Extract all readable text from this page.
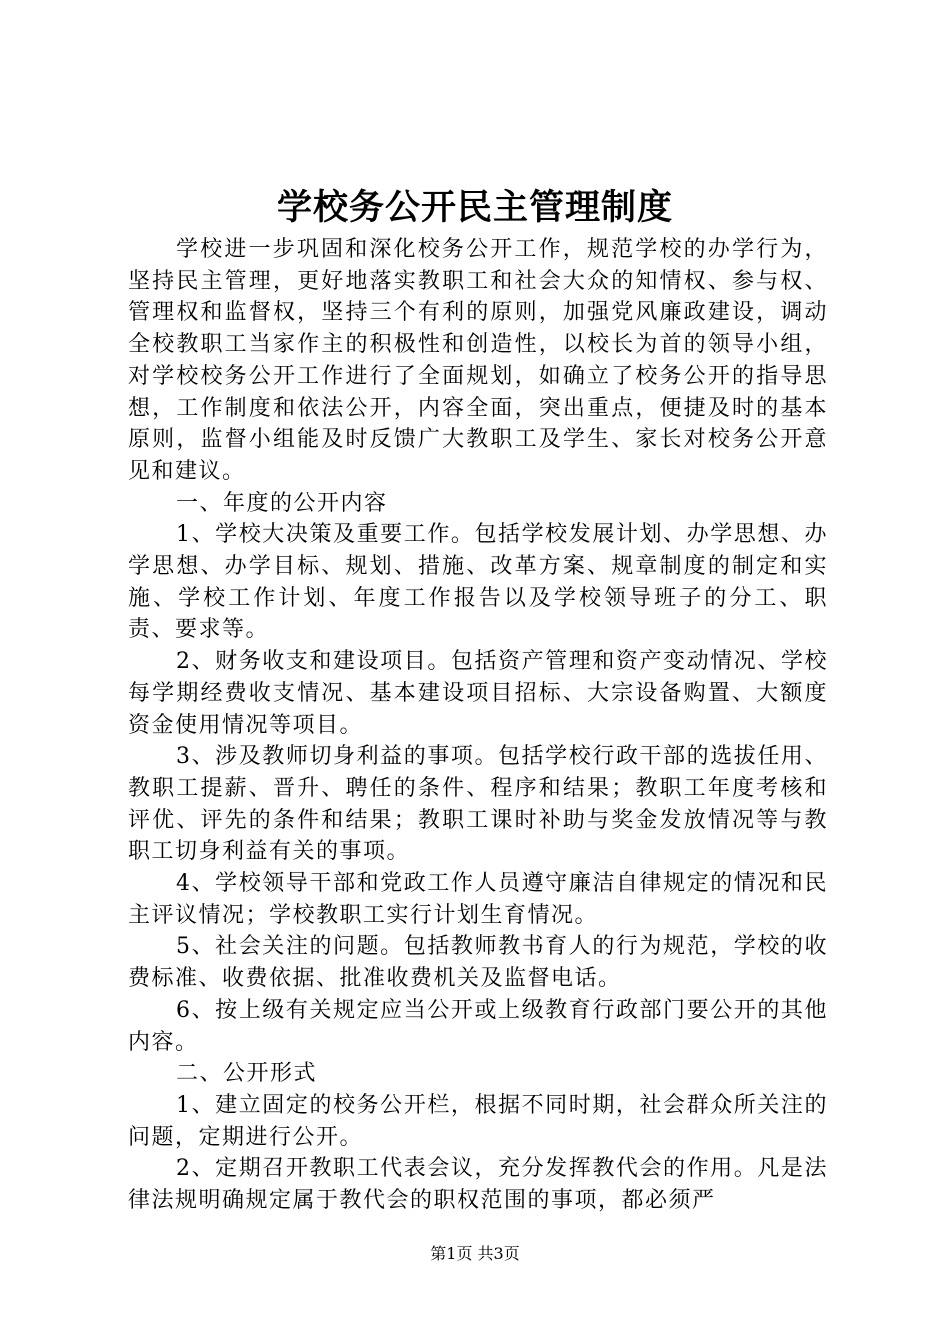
学校务公开民主管理制度

学校进一步巩固和深化校务公开工作，规范学校的办学行为，坚持民主管理，更好地落实教职工和社会大众的知情权、参与权、管理权和监督权，坚持三个有利的原则，加强党风廉政建设，调动全校教职工当家作主的积极性和创造性，以校长为首的领导小组，对学校校务公开工作进行了全面规划，如确立了校务公开的指导思想，工作制度和依法公开，内容全面，突出重点，便捷及时的基本原则，监督小组能及时反馈广大教职工及学生、家长对校务公开意见和建议。

一、年度的公开内容

1、学校大决策及重要工作。包括学校发展计划、办学思想、办学思想、办学目标、规划、措施、改革方案、规章制度的制定和实施、学校工作计划、年度工作报告以及学校领导班子的分工、职责、要求等。

2、财务收支和建设项目。包括资产管理和资产变动情况、学校每学期经费收支情况、基本建设项目招标、大宗设备购置、大额度资金使用情况等项目。

3、涉及教师切身利益的事项。包括学校行政干部的选拔任用、教职工提薪、晋升、聘任的条件、程序和结果；教职工年度考核和评优、评先的条件和结果；教职工课时补助与奖金发放情况等与教职工切身利益有关的事项。

4、学校领导干部和党政工作人员遵守廉洁自律规定的情况和民主评议情况；学校教职工实行计划生育情况。

5、社会关注的问题。包括教师教书育人的行为规范，学校的收费标准、收费依据、批准收费机关及监督电话。

6、按上级有关规定应当公开或上级教育行政部门要公开的其他内容。

二、公开形式

1、建立固定的校务公开栏，根据不同时期，社会群众所关注的问题，定期进行公开。

2、定期召开教职工代表会议，充分发挥教代会的作用。凡是法律法规明确规定属于教代会的职权范围的事项，都必须严

第1页 共3页
